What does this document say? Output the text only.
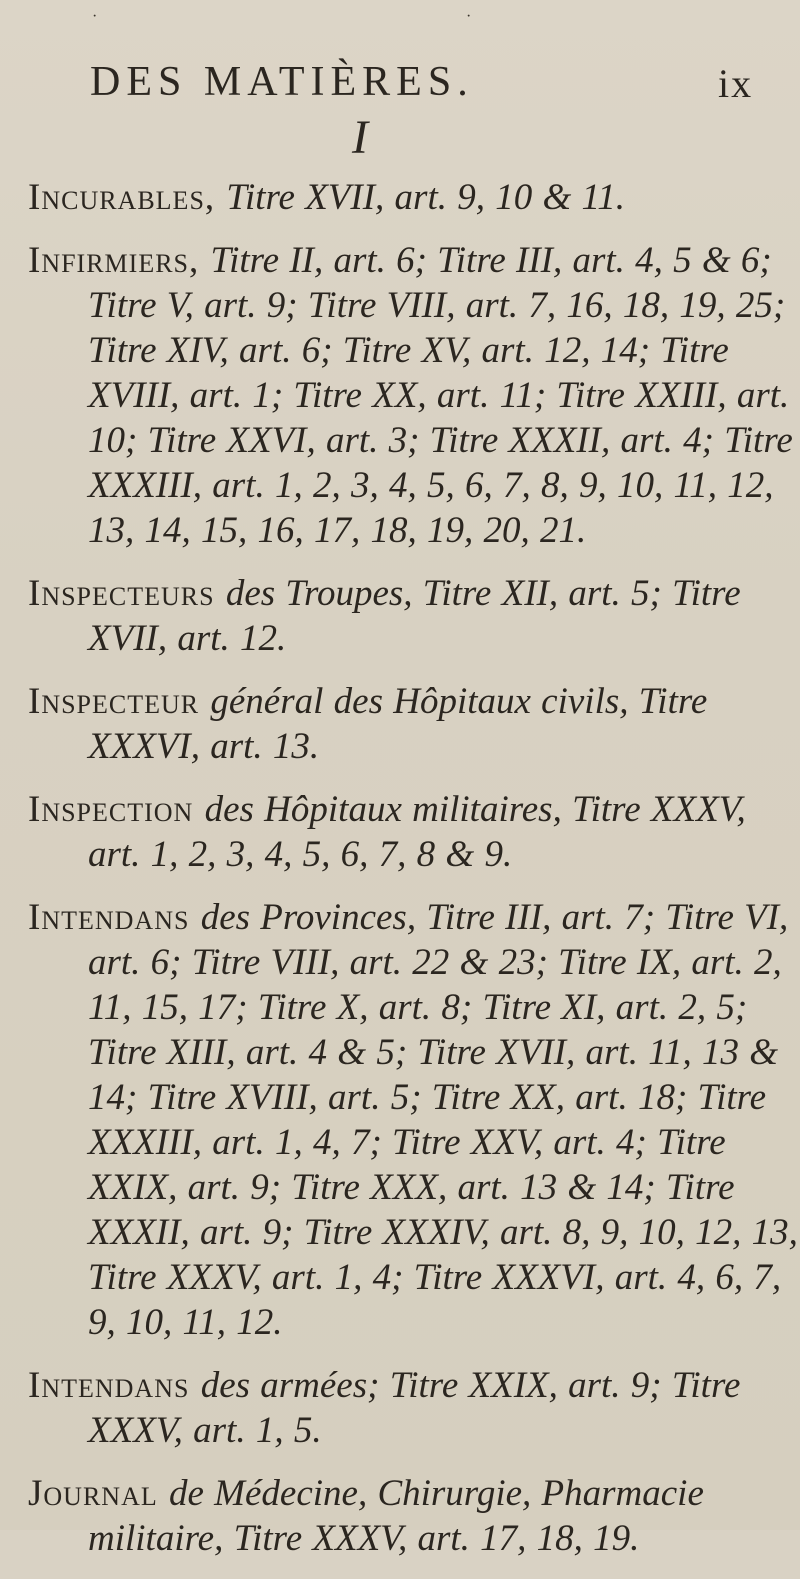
·	·
DES MATIÈRES.	ix
I
Incurables, Titre XVII, art. 9, 10 & 11.
Infirmiers, Titre II, art. 6; Titre III, art. 4, 5 & 6; Titre V, art. 9; Titre VIII, art. 7, 16, 18, 19, 25; Titre XIV, art. 6; Titre XV, art. 12, 14; Titre XVIII, art. 1; Titre XX, art. 11; Titre XXIII, art. 10; Titre XXVI, art. 3; Titre XXXII, art. 4; Titre XXXIII, art. 1, 2, 3, 4, 5, 6, 7, 8, 9, 10, 11, 12, 13, 14, 15, 16, 17, 18, 19, 20, 21.
Inspecteurs des Troupes, Titre XII, art. 5; Titre XVII, art. 12.
Inspecteur général des Hôpitaux civils, Titre XXXVI, art. 13.
Inspection des Hôpitaux militaires, Titre XXXV, art. 1, 2, 3, 4, 5, 6, 7, 8 & 9.
Intendans des Provinces, Titre III, art. 7; Titre VI, art. 6; Titre VIII, art. 22 & 23; Titre IX, art. 2, 11, 15, 17; Titre X, art. 8; Titre XI, art. 2, 5; Titre XIII, art. 4 & 5; Titre XVII, art. 11, 13 & 14; Titre XVIII, art. 5; Titre XX, art. 18; Titre XXXIII, art. 1, 4, 7; Titre XXV, art. 4; Titre XXIX, art. 9; Titre XXX, art. 13 & 14; Titre XXXII, art. 9; Titre XXXIV, art. 8, 9, 10, 12, 13, Titre XXXV, art. 1, 4; Titre XXXVI, art. 4, 6, 7, 9, 10, 11, 12.
Intendans des armées; Titre XXIX, art. 9; Titre XXXV, art. 1, 5.
Journal de Médecine, Chirurgie, Pharmacie militaire, Titre XXXV, art. 17, 18, 19.
